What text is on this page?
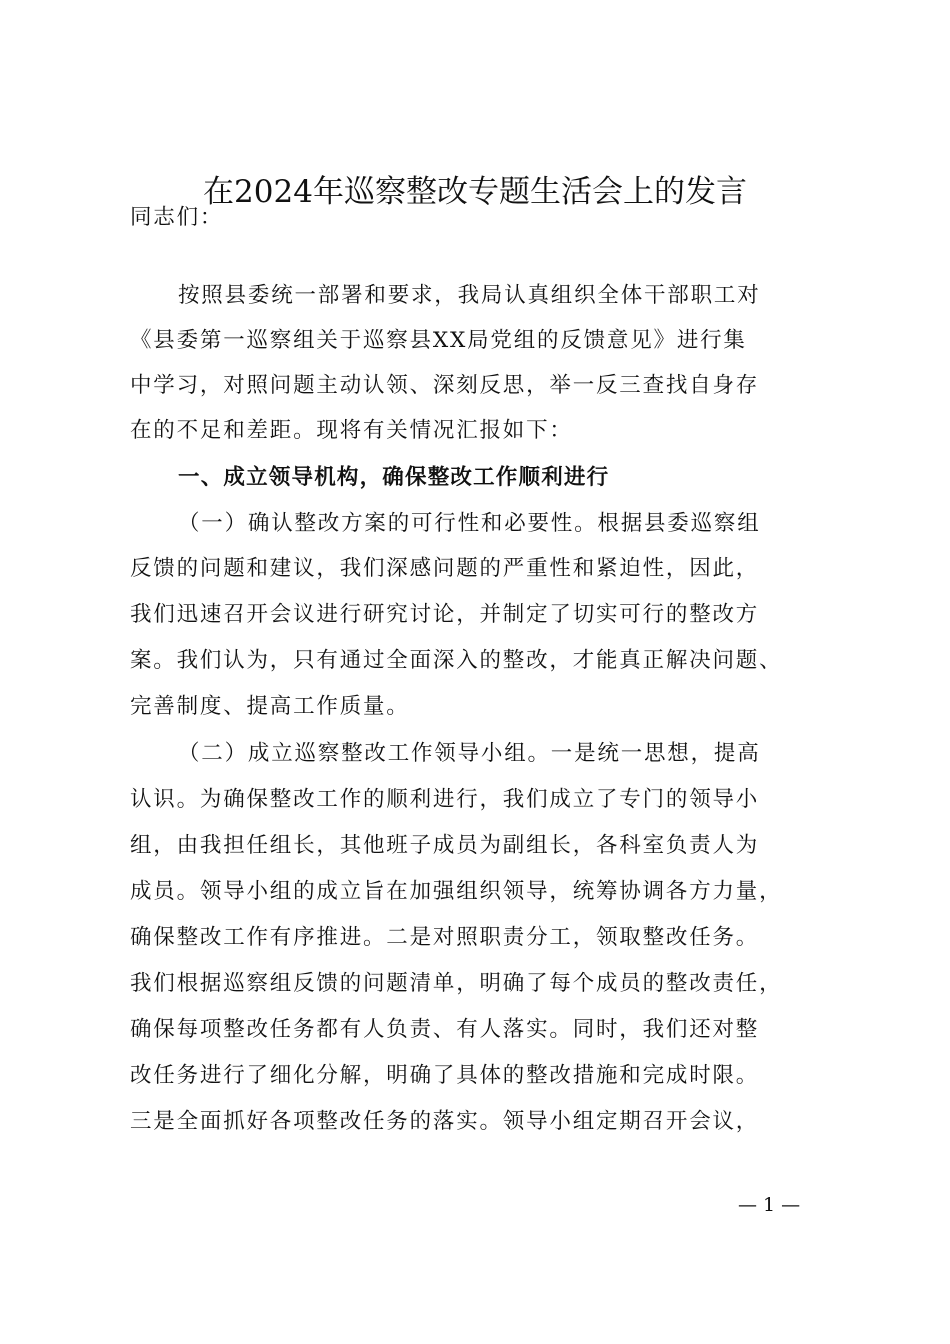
在2024年巡察整改专题生活会上的发言
同志们：
按照县委统一部署和要求，我局认真组织全体干部职工对
《县委第一巡察组关于巡察县XX局党组的反馈意见》进行集
中学习，对照问题主动认领、深刻反思，举一反三查找自身存
在的不足和差距。现将有关情况汇报如下：
一、成立领导机构，确保整改工作顺利进行
（一）确认整改方案的可行性和必要性。根据县委巡察组
反馈的问题和建议，我们深感问题的严重性和紧迫性，因此，
我们迅速召开会议进行研究讨论，并制定了切实可行的整改方
案。我们认为，只有通过全面深入的整改，才能真正解决问题、
完善制度、提高工作质量。
（二）成立巡察整改工作领导小组。一是统一思想，提高
认识。为确保整改工作的顺利进行，我们成立了专门的领导小
组，由我担任组长，其他班子成员为副组长，各科室负责人为
成员。领导小组的成立旨在加强组织领导，统筹协调各方力量，
确保整改工作有序推进。二是对照职责分工，领取整改任务。
我们根据巡察组反馈的问题清单，明确了每个成员的整改责任，
确保每项整改任务都有人负责、有人落实。同时，我们还对整
改任务进行了细化分解，明确了具体的整改措施和完成时限。
三是全面抓好各项整改任务的落实。领导小组定期召开会议，
— 1 —
